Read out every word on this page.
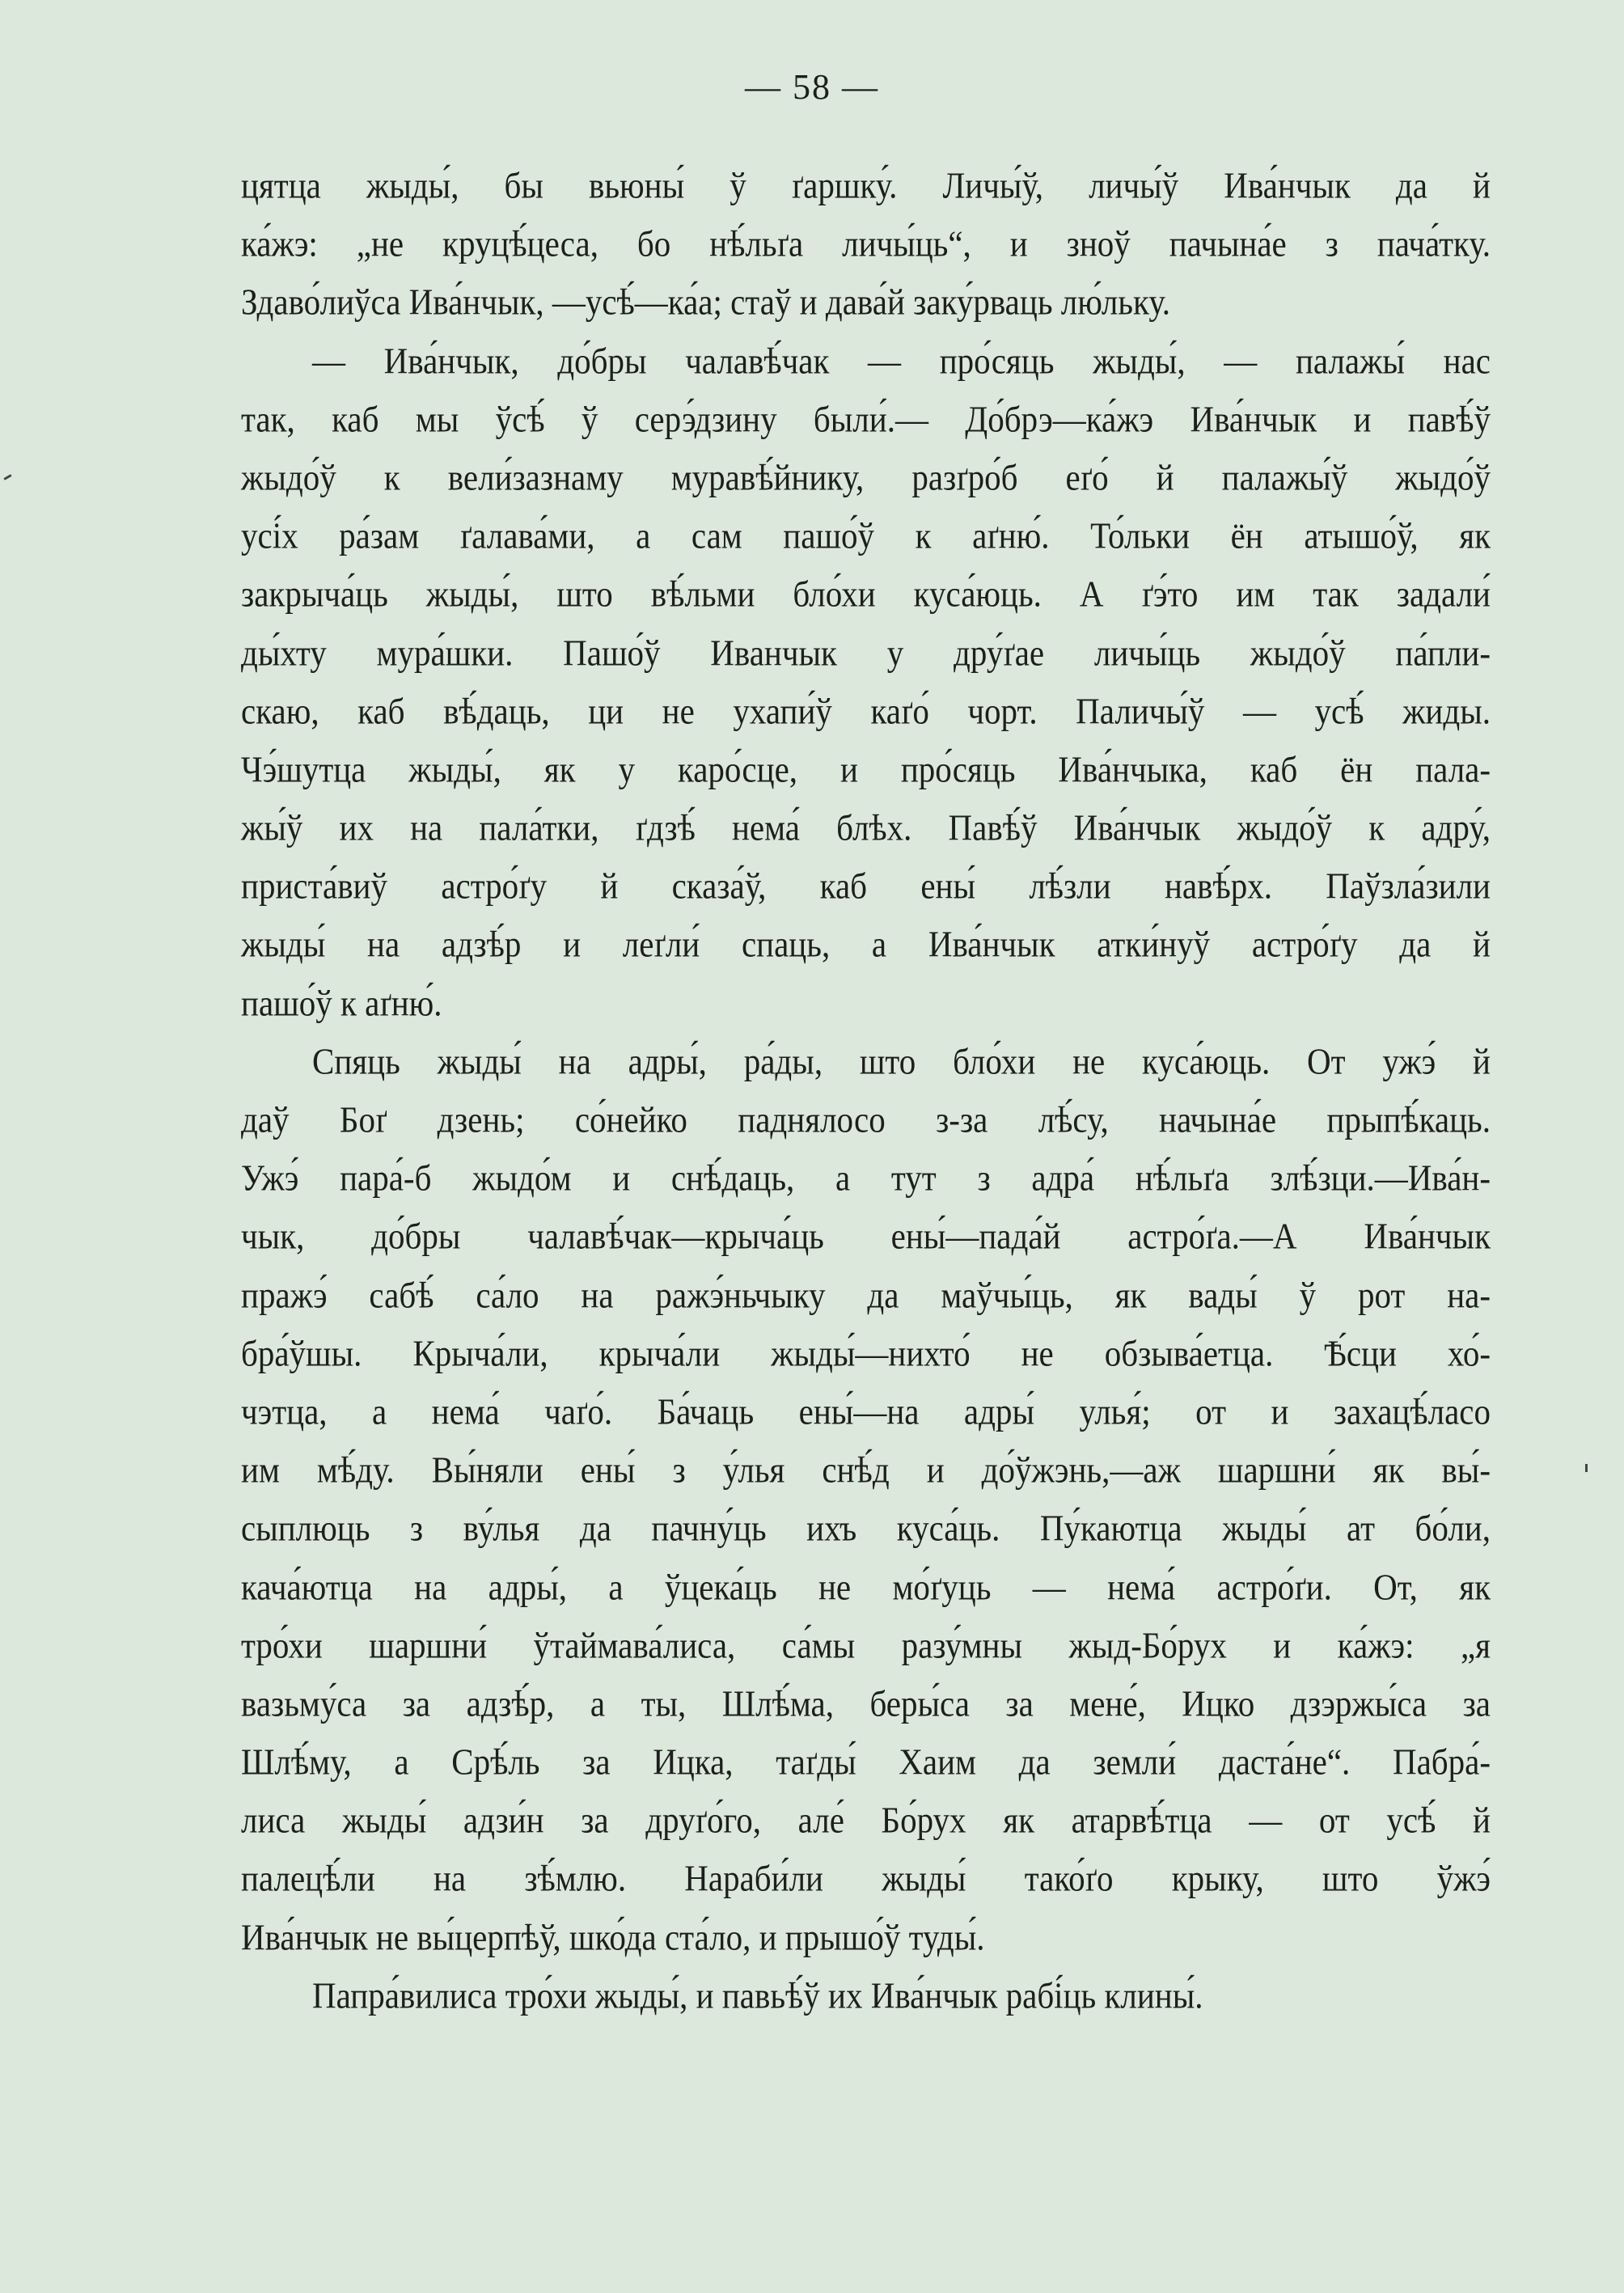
— 58 —
цятца жыды́, бы вьюны́ ў ґаршку́. Личы́ў, личы́ў Ива́нчык да й
ка́жэ: „не круцѣ́цеса, бо нѣ́льґа личы́ць“, и зноў пачына́е з пача́тку.
Здаво́лиўса Ива́нчык, —усѣ́—ка́а; стаў и дава́й заку́рваць лю́льку.
— Ива́нчык, до́бры чалавѣ́чак — про́сяць жыды́, — палажы́ нас
так, каб мы ўсѣ́ ў серэ́дзину были́.— До́брэ—ка́жэ Ива́нчык и павѣ́ў
жыдо́ў к вели́зазнаму муравѣ́йнику, разґро́б еґо́ й палажы́ў жыдо́ў
усі́х ра́зам ґалава́ми, а сам пашо́ў к аґню́. То́льки ён атышо́ў, як
закрыча́ць жыды́, што вѣ́льми бло́хи куса́юць. А ґэ́то им так задали́
ды́хту мура́шки. Пашо́ў Иванчык у дру́ґае личы́ць жыдо́ў па́пли-
скаю, каб вѣ́даць, ци не ухапи́ў каґо́ чорт. Паличы́ў — усѣ́ жиды.
Чэ́шутца жыды́, як у каро́сце, и про́сяць Ива́нчыка, каб ён пала-
жы́ў их на пала́тки, ґдзѣ́ нема́ блѣх. Павѣ́ў Ива́нчык жыдо́ў к адру́,
приста́виў астро́ґу й сказа́ў, каб ены́ лѣ́зли навѣ́рх. Паўзла́зили
жыды́ на адзѣ́р и леґли́ спаць, а Ива́нчык атки́нуў астро́ґу да й
пашо́ў к аґню́.
Спяць жыды́ на адры́, ра́ды, што бло́хи не куса́юць. От ужэ́ й
даў Боґ дзень; со́нейко паднялосо з-за лѣ́су, начына́е прыпѣ́каць.
Ужэ́ пара́-б жыдо́м и снѣ́даць, а тут з адра́ нѣ́льґа злѣ́зци.—Ива́н-
чык, до́бры чалавѣ́чак—крыча́ць ены́—пада́й астро́ґа.—А Ива́нчык
пражэ́ сабѣ́ са́ло на ражэ́ньчыку да маўчы́ць, як вады́ ў рот на-
бра́ўшы. Крыча́ли, крыча́ли жыды́—нихто́ не обзыва́етца. Ѣ́сци хо́-
чэтца, а нема́ чаґо́. Ба́чаць ены́—на адры́ улья́; от и захацѣ́ласо
им мѣ́ду. Вы́няли ены́ з у́лья снѣ́д и до́ўжэнь,—аж шаршни́ як вы́-
сыплюць з ву́лья да пачну́ць ихъ куса́ць. Пу́каютца жыды́ ат бо́ли,
кача́ютца на адры́, а ўцека́ць не мо́ґуць — нема́ астро́ґи. От, як
тро́хи шаршни́ ўтаймава́лиса, са́мы разу́мны жыд-Бо́рух и ка́жэ: „я
вазьму́са за адзѣ́р, а ты, Шлѣ́ма, беры́са за мене́, Ицко дзэржы́са за
Шлѣ́му, а Срѣ́ль за Ицка, таґды́ Хаим да земли́ даста́не“. Пабра́-
лиса жыды́ адзи́н за друґо́го, але́ Бо́рух як атарвѣ́тца — от усѣ́ й
палецѣ́ли на зѣ́млю. Нараби́ли жыды́ тако́ґо крыку, што ўжэ́
Ива́нчык не вы́церпѣў, шко́да ста́ло, и прышо́ў туды́.
Папра́вилиса тро́хи жыды́, и павьѣ́ў их Ива́нчык рабі́ць клины́.
